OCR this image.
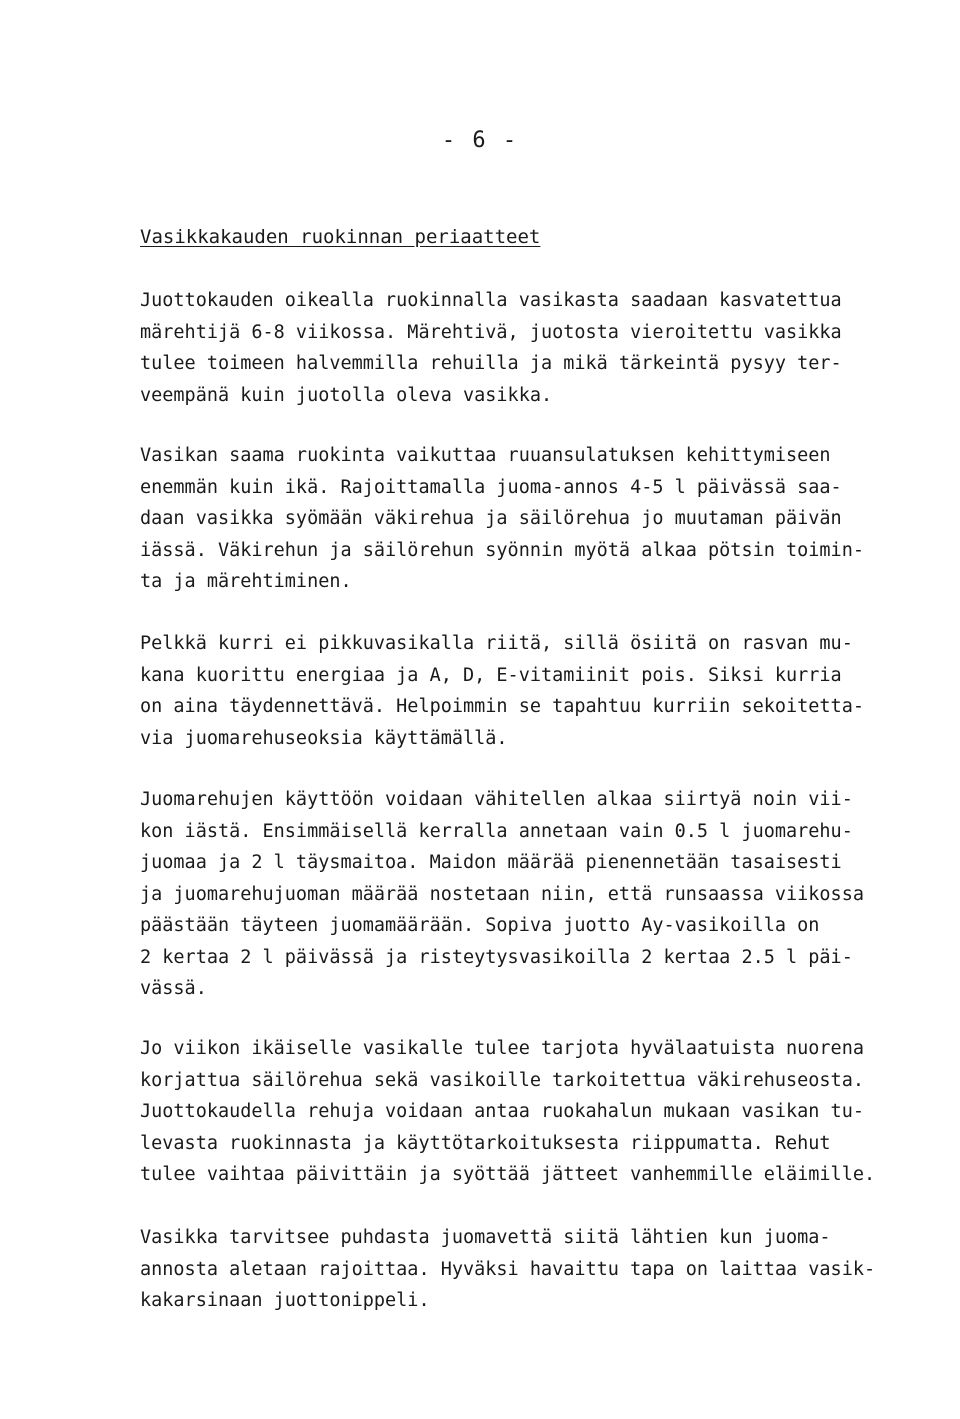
- 6 -
Vasikkakauden ruokinnan periaatteet
Juottokauden oikealla ruokinnalla vasikasta saadaan kasvatettua
märehtijä 6-8 viikossa. Märehtivä, juotosta vieroitettu vasikka
tulee toimeen halvemmilla rehuilla ja mikä tärkeintä pysyy ter-
veempänä kuin juotolla oleva vasikka.
Vasikan saama ruokinta vaikuttaa ruuansulatuksen kehittymiseen
enemmän kuin ikä. Rajoittamalla juoma-annos 4-5 l päivässä saa-
daan vasikka syömään väkirehua ja säilörehua jo muutaman päivän
iässä. Väkirehun ja säilörehun syönnin myötä alkaa pötsin toimin-
ta ja märehtiminen.
Pelkkä kurri ei pikkuvasikalla riitä, sillä ösiitä on rasvan mu-
kana kuorittu energiaa ja A, D, E-vitamiinit pois. Siksi kurria
on aina täydennettävä. Helpoimmin se tapahtuu kurriin sekoitetta-
via juomarehuseoksia käyttämällä.
Juomarehujen käyttöön voidaan vähitellen alkaa siirtyä noin vii-
kon iästä. Ensimmäisellä kerralla annetaan vain 0.5 l juomarehu-
juomaa ja 2 l täysmaitoa. Maidon määrää pienennetään tasaisesti
ja juomarehujuoman määrää nostetaan niin, että runsaassa viikossa
päästään täyteen juomamäärään. Sopiva juotto Ay-vasikoilla on
2 kertaa 2 l päivässä ja risteytysvasikoilla 2 kertaa 2.5 l päi-
vässä.
Jo viikon ikäiselle vasikalle tulee tarjota hyvälaatuista nuorena
korjattua säilörehua sekä vasikoille tarkoitettua väkirehuseosta.
Juottokaudella rehuja voidaan antaa ruokahalun mukaan vasikan tu-
levasta ruokinnasta ja käyttötarkoituksesta riippumatta. Rehut
tulee vaihtaa päivittäin ja syöttää jätteet vanhemmille eläimille.
Vasikka tarvitsee puhdasta juomavettä siitä lähtien kun juoma-
annosta aletaan rajoittaa. Hyväksi havaittu tapa on laittaa vasik-
kakarsinaan juottonippeli.
